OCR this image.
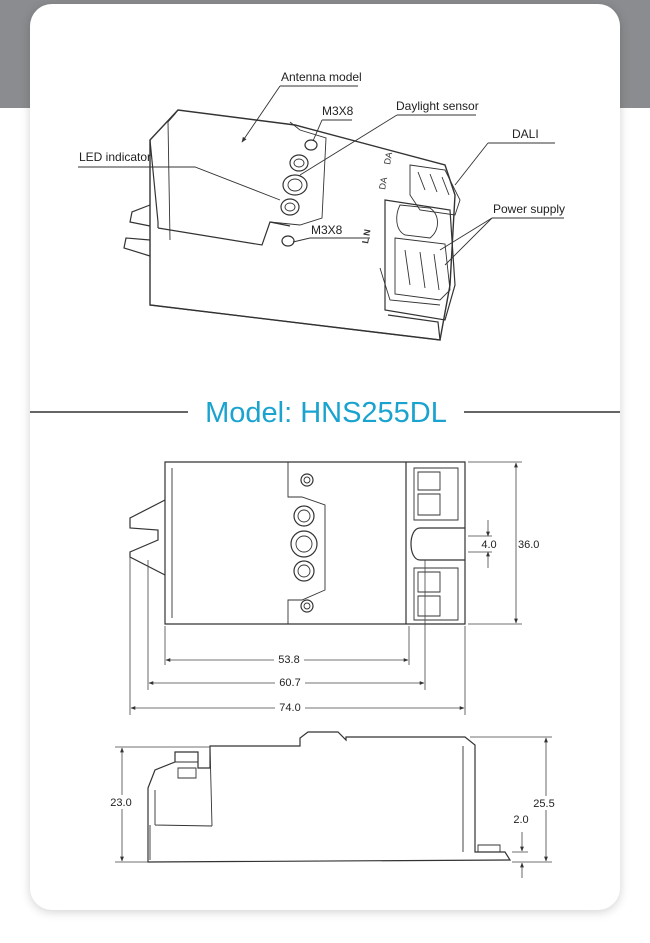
DA
DA
L N
Antenna model
M3X8	Daylight sensor
DALI
LED indicator
Power supply
M3X8
Model: HNS255DL
53.8
60.7
74.0
36.0
4.0
23.0	25.5
2.0
